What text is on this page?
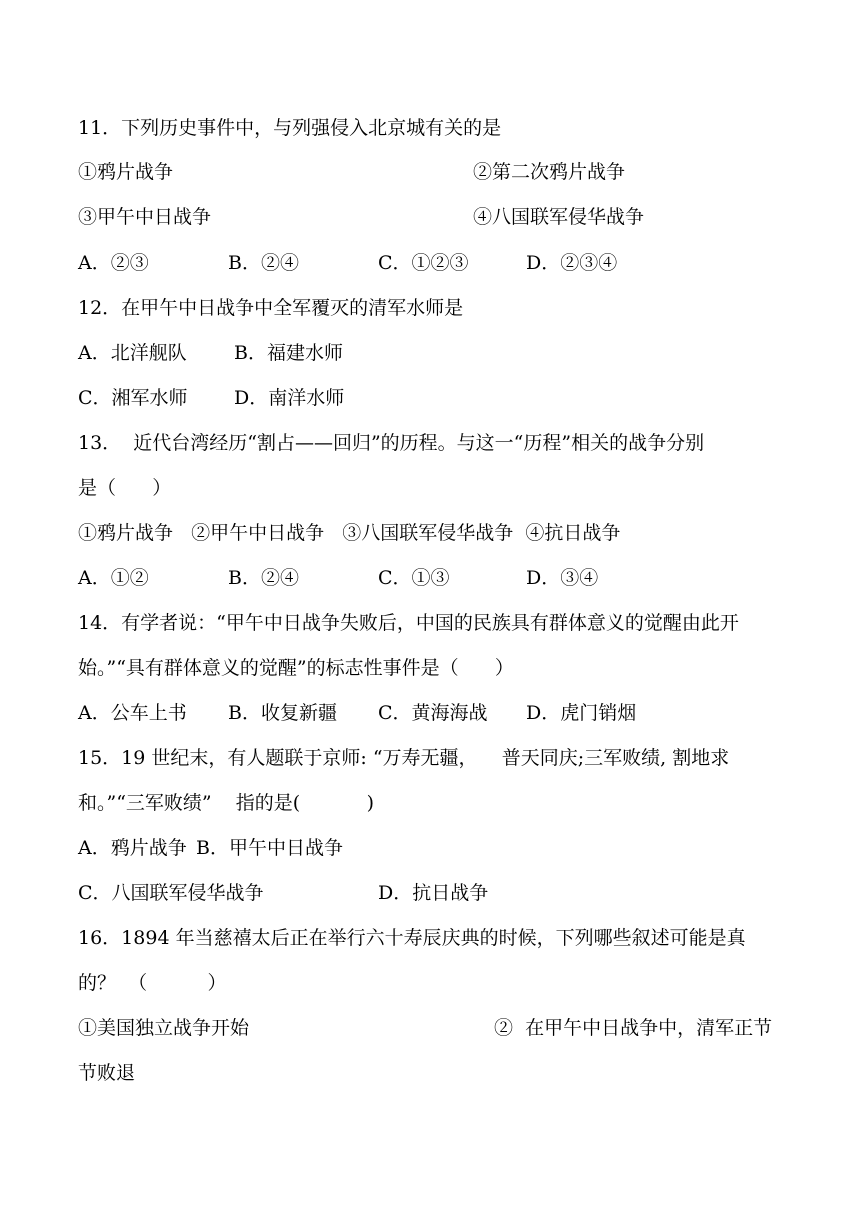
11．下列历史事件中，与列强侵入北京城有关的是
①鸦片战争	②第二次鸦片战争
③甲午中日战争	④八国联军侵华战争
A．②③	B．②④	C．①②③	D．②③④
12．在甲午中日战争中全军覆灭的清军水师是
A．北洋舰队 B．福建水师
C．湘军水师 D．南洋水师
13．  近代台湾经历“割占——回归”的历程。与这一“历程”相关的战争分别
是（      ）
①鸦片战争   ②甲午中日战争   ③八国联军侵华战争  ④抗日战争
A．①②	B．②④	C．①③	D．③④
14．有学者说：“甲午中日战争失败后，中国的民族具有群体意义的觉醒由此开
始。”“具有群体意义的觉醒”的标志性事件是（      ）
A．公车上书 B．收复新疆 C．黄海海战 D．虎门销烟
15．19 世纪末，有人题联于京师: “万寿无疆，    普天同庆;三军败绩, 割地求
和。”“三军败绩”    指的是(           )
A．鸦片战争 B．甲午中日战争
C．八国联军侵华战争	D．抗日战争
16．1894 年当慈禧太后正在举行六十寿辰庆典的时候，下列哪些叙述可能是真
的？  （          ）
①美国独立战争开始	②  在甲午中日战争中，清军正节
节败退
